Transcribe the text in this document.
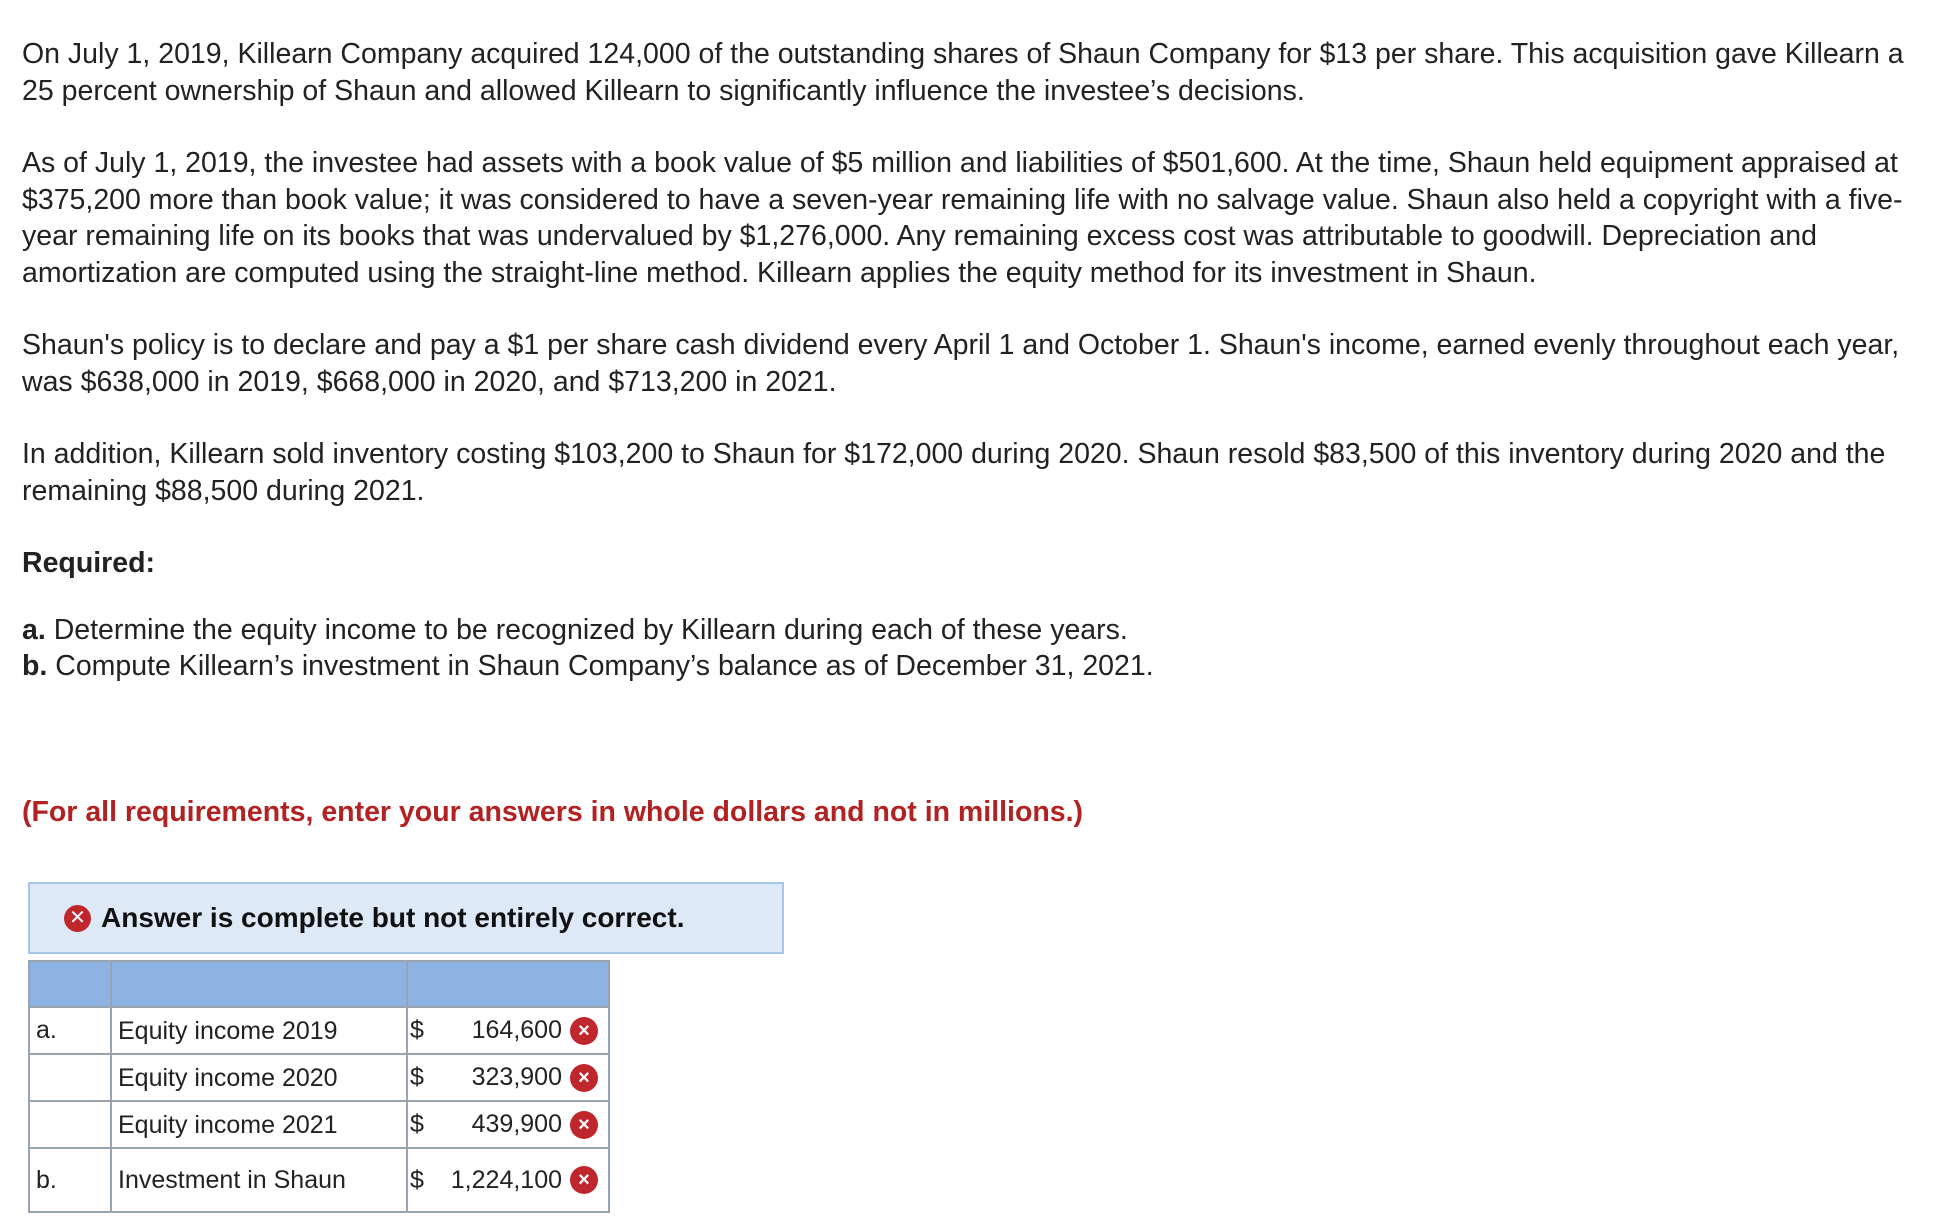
On July 1, 2019, Killearn Company acquired 124,000 of the outstanding shares of Shaun Company for $13 per share. This acquisition gave Killearn a 25 percent ownership of Shaun and allowed Killearn to significantly influence the investee’s decisions.

As of July 1, 2019, the investee had assets with a book value of $5 million and liabilities of $501,600. At the time, Shaun held equipment appraised at $375,200 more than book value; it was considered to have a seven-year remaining life with no salvage value. Shaun also held a copyright with a five-year remaining life on its books that was undervalued by $1,276,000. Any remaining excess cost was attributable to goodwill. Depreciation and amortization are computed using the straight-line method. Killearn applies the equity method for its investment in Shaun.

Shaun's policy is to declare and pay a $1 per share cash dividend every April 1 and October 1. Shaun's income, earned evenly throughout each year, was $638,000 in 2019, $668,000 in 2020, and $713,200 in 2021.

In addition, Killearn sold inventory costing $103,200 to Shaun for $172,000 during 2020. Shaun resold $83,500 of this inventory during 2020 and the remaining $88,500 during 2021.

Required:
a. Determine the equity income to be recognized by Killearn during each of these years.
b. Compute Killearn’s investment in Shaun Company’s balance as of December 31, 2021.
(For all requirements, enter your answers in whole dollars and not in millions.)
✕ Answer is complete but not entirely correct.

a.	Equity income 2019	$ 164,600 ×

	Equity income 2020	$ 323,900 ×

	Equity income 2021	$ 439,900 ×

b.	Investment in Shaun	$ 1,224,100 ×
